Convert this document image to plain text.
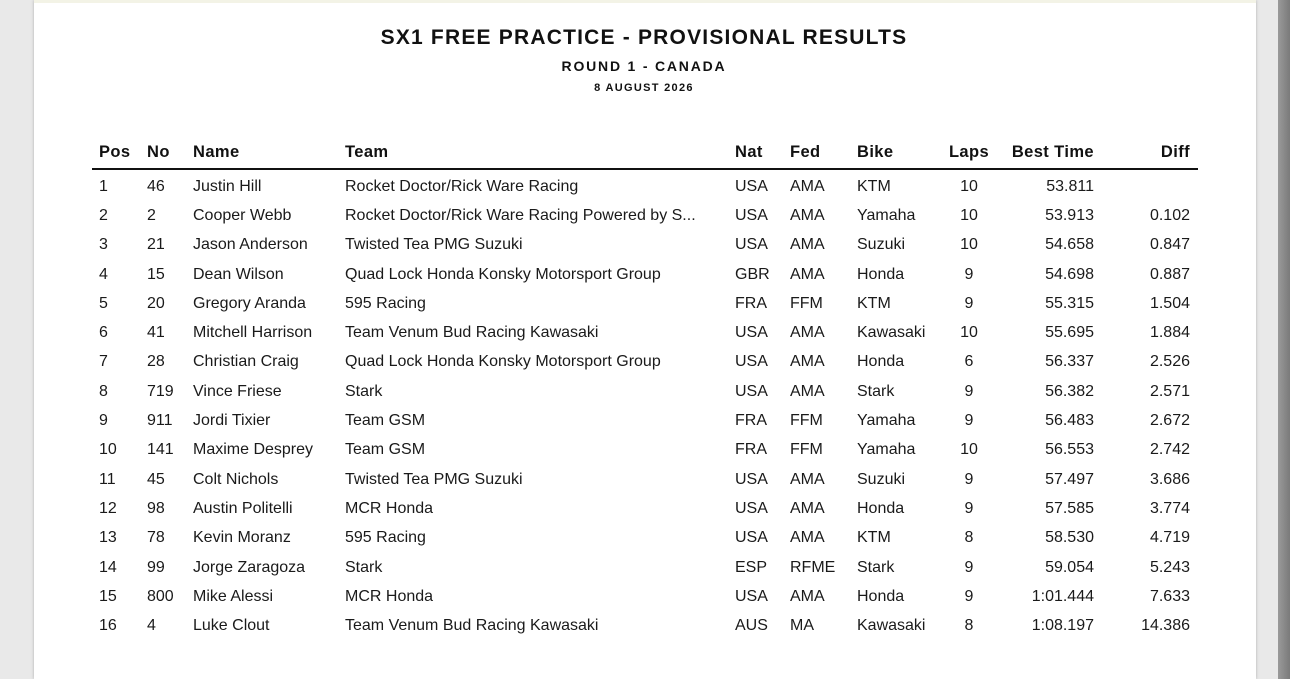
SX1 FREE PRACTICE - PROVISIONAL RESULTS
ROUND 1 - CANADA
8 AUGUST 2026
Pos	No	Name	Team	Nat	Fed	Bike	Laps	Best Time	Diff
1	46	Justin Hill	Rocket Doctor/Rick Ware Racing	USA	AMA	KTM	10	53.811	
2	2	Cooper Webb	Rocket Doctor/Rick Ware Racing Powered by S...	USA	AMA	Yamaha	10	53.913	0.102
3	21	Jason Anderson	Twisted Tea PMG Suzuki	USA	AMA	Suzuki	10	54.658	0.847
4	15	Dean Wilson	Quad Lock Honda Konsky Motorsport Group	GBR	AMA	Honda	9	54.698	0.887
5	20	Gregory Aranda	595 Racing	FRA	FFM	KTM	9	55.315	1.504
6	41	Mitchell Harrison	Team Venum Bud Racing Kawasaki	USA	AMA	Kawasaki	10	55.695	1.884
7	28	Christian Craig	Quad Lock Honda Konsky Motorsport Group	USA	AMA	Honda	6	56.337	2.526
8	719	Vince Friese	Stark	USA	AMA	Stark	9	56.382	2.571
9	911	Jordi Tixier	Team GSM	FRA	FFM	Yamaha	9	56.483	2.672
10	141	Maxime Desprey	Team GSM	FRA	FFM	Yamaha	10	56.553	2.742
11	45	Colt Nichols	Twisted Tea PMG Suzuki	USA	AMA	Suzuki	9	57.497	3.686
12	98	Austin Politelli	MCR Honda	USA	AMA	Honda	9	57.585	3.774
13	78	Kevin Moranz	595 Racing	USA	AMA	KTM	8	58.530	4.719
14	99	Jorge Zaragoza	Stark	ESP	RFME	Stark	9	59.054	5.243
15	800	Mike Alessi	MCR Honda	USA	AMA	Honda	9	1:01.444	7.633
16	4	Luke Clout	Team Venum Bud Racing Kawasaki	AUS	MA	Kawasaki	8	1:08.197	14.386
